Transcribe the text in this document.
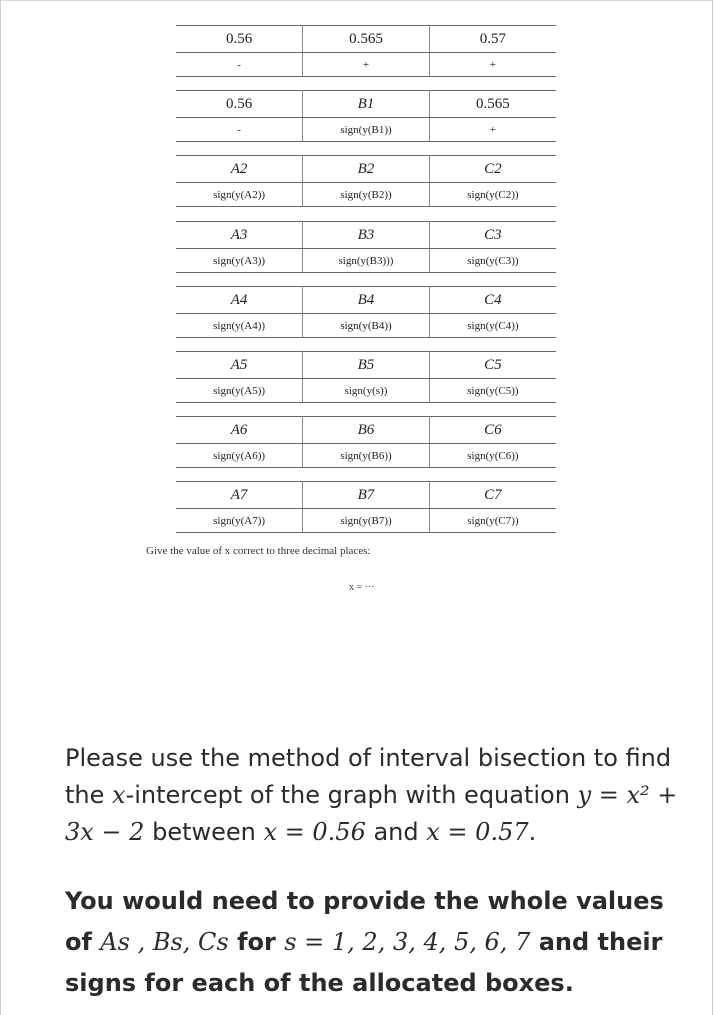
0.56	0.565	0.57
-	+	+
0.56	B1	0.565
-	sign(y(B1))	+
A2	B2	C2
sign(y(A2))	sign(y(B2))	sign(y(C2))
A3	B3	C3
sign(y(A3))	sign(y(B3)))	sign(y(C3))
A4	B4	C4
sign(y(A4))	sign(y(B4))	sign(y(C4))
A5	B5	C5
sign(y(A5))	sign(y(s))	sign(y(C5))
A6	B6	C6
sign(y(A6))	sign(y(B6))	sign(y(C6))
A7	B7	C7
sign(y(A7))	sign(y(B7))	sign(y(C7))
Give the value of x correct to three decimal places:
x = ···

Please use the method of interval bisection to find the x-intercept of the graph with equation y = x² + 3x − 2 between x = 0.56 and x = 0.57.

You would need to provide the whole values of As , Bs, Cs for s = 1, 2, 3, 4, 5, 6, 7 and their signs for each of the allocated boxes.
